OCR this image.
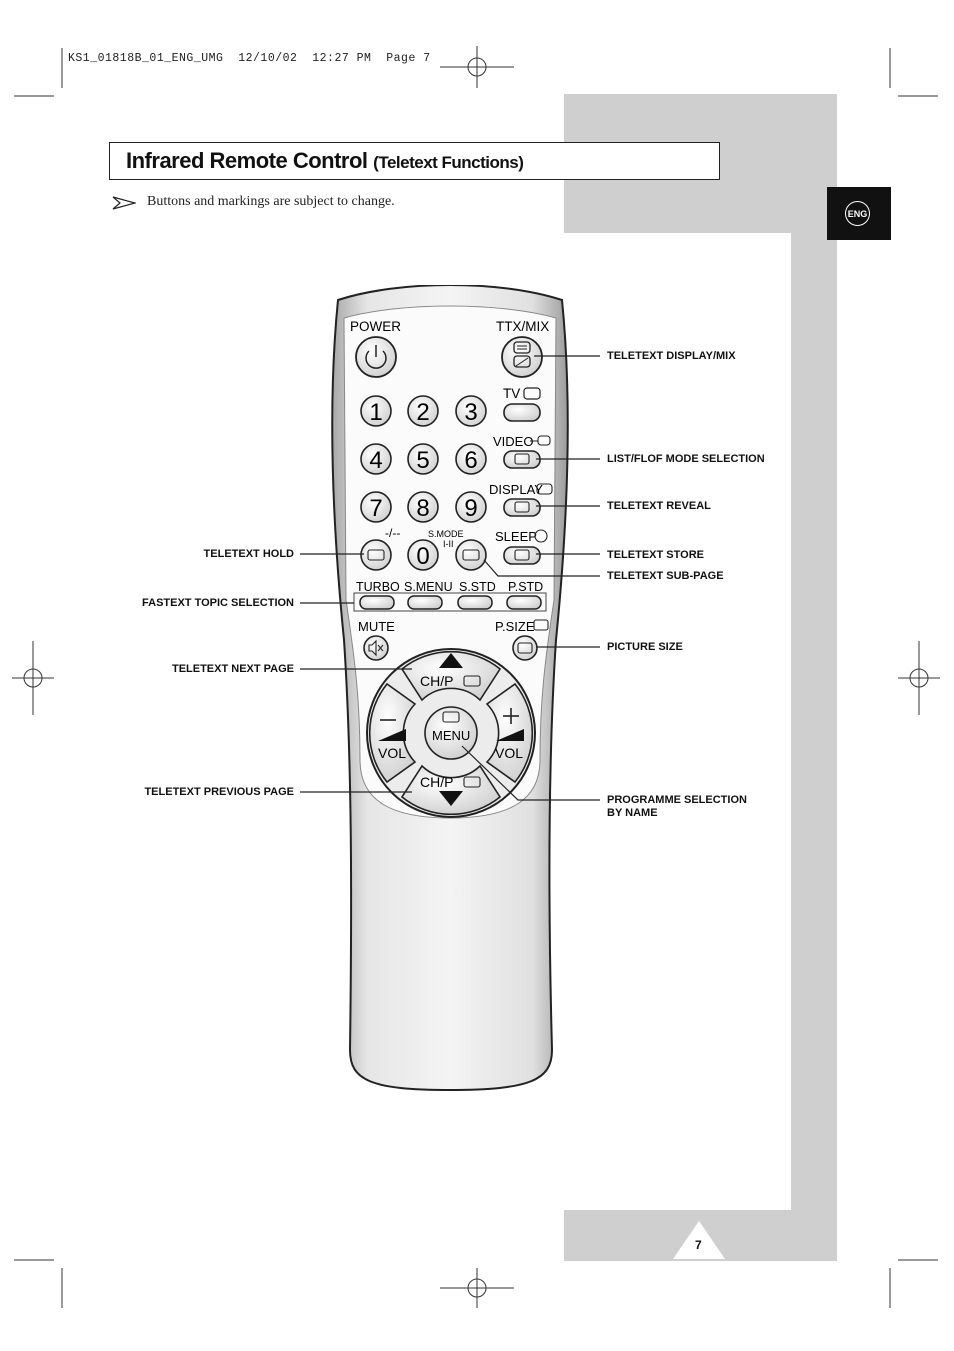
KS1_01818B_01_ENG_UMG  12/10/02  12:27 PM  Page 7
Infrared Remote Control (Teletext Functions)
Buttons and markings are subject to change.
ENG
POWER	TTX/MIX
TV
1 2 3
4 5 6
7 8 9
0
VIDEO
DISPLAY
-/--	S.MODE
I-II	SLEEP
TURBO S.MENU S.STD P.STD
MUTE	P.SIZE
CH/P
CH/P
VOL	VOL
MENU
TELETEXT DISPLAY/MIX
LIST/FLOF MODE SELECTION
TELETEXT REVEAL
TELETEXT STORE
TELETEXT SUB-PAGE
PICTURE SIZE
PROGRAMME SELECTION
BY NAME
TELETEXT HOLD
FASTEXT TOPIC SELECTION
TELETEXT NEXT PAGE
TELETEXT PREVIOUS PAGE
7
